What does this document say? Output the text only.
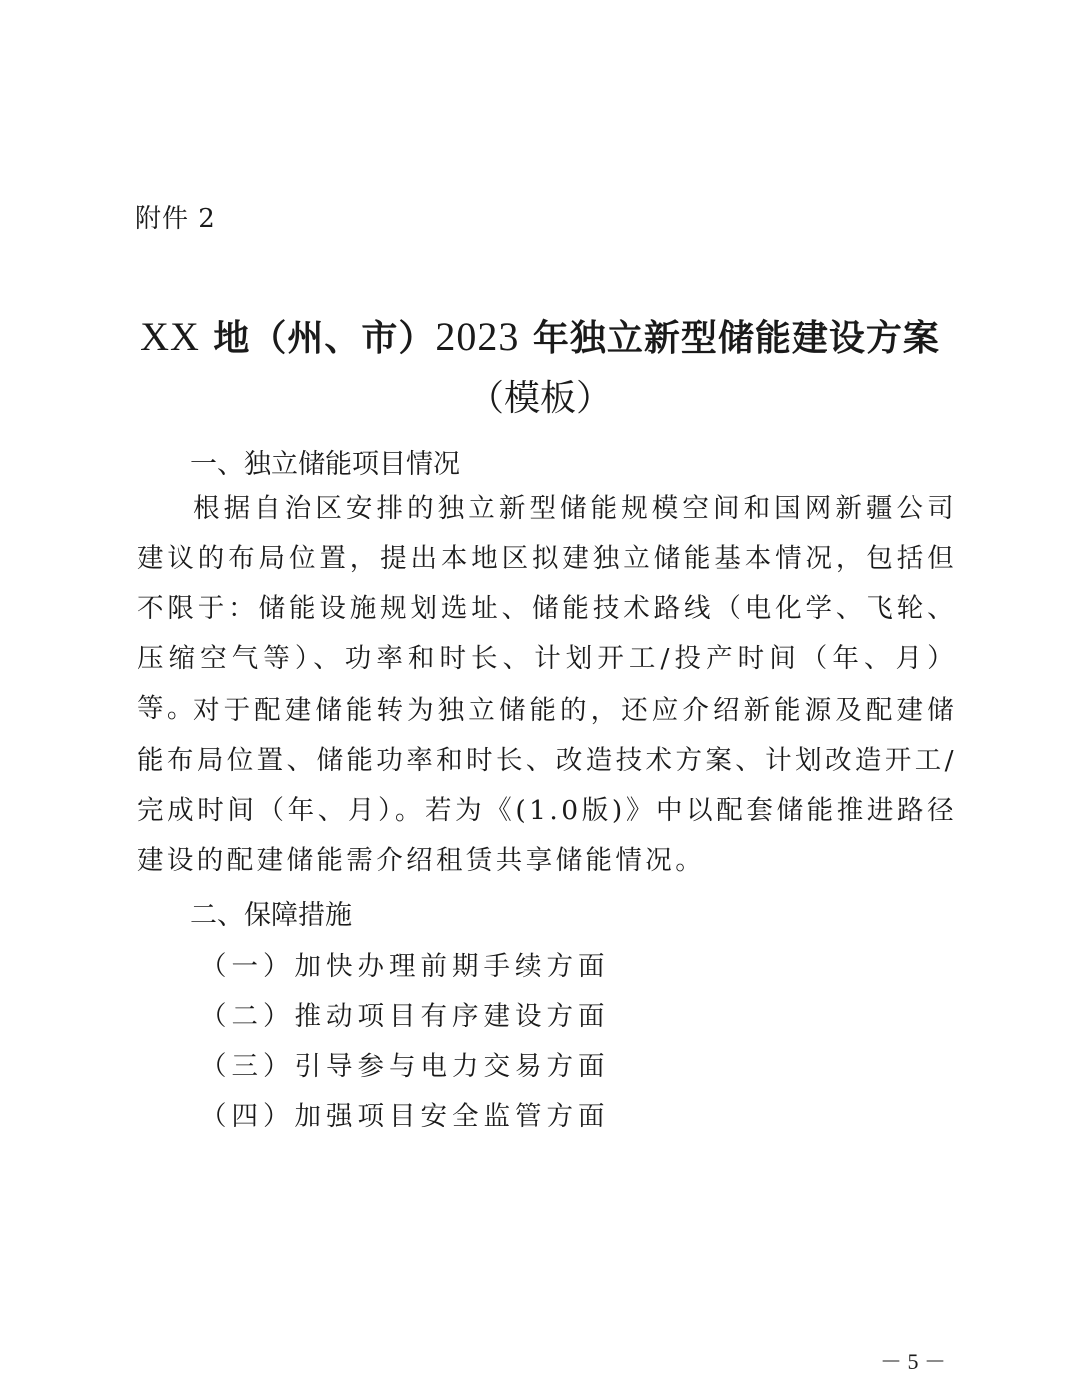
附件 2
XX 地（州、市）2023 年独立新型储能建设方案
（模板）
一、独立储能项目情况
根据自治区安排的独立新型储能规模空间和国网新疆公司建议的布局位置，提出本地区拟建独立储能基本情况，包括但不限于：储能设施规划选址、储能技术路线（电化学、飞轮、压缩空气等）、功率和时长、计划开工/投产时间（年、月）等。
对于配建储能转为独立储能的，还应介绍新能源及配建储能布局位置、储能功率和时长、改造技术方案、计划改造开工/完成时间（年、月）。若为《(1.0版)》中以配套储能推进路径建设的配建储能需介绍租赁共享储能情况。
二、保障措施
（一）加快办理前期手续方面
（二）推动项目有序建设方面
（三）引导参与电力交易方面
（四）加强项目安全监管方面
－ 5 －
